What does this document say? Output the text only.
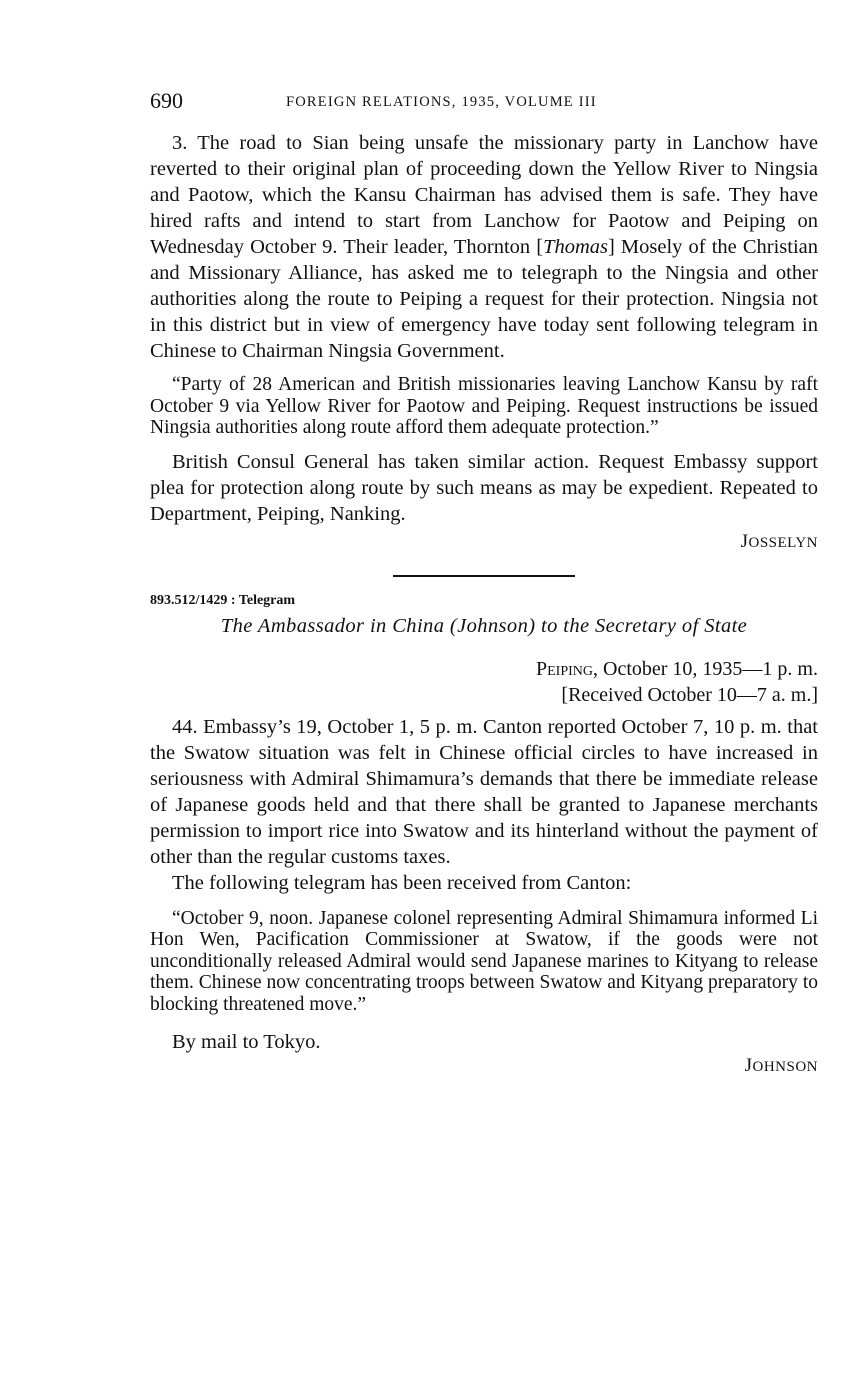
690	FOREIGN RELATIONS, 1935, VOLUME III

3. The road to Sian being unsafe the missionary party in Lanchow have reverted to their original plan of proceeding down the Yellow River to Ningsia and Paotow, which the Kansu Chairman has advised them is safe. They have hired rafts and intend to start from Lanchow for Paotow and Peiping on Wednesday October 9. Their leader, Thornton [Thomas] Mosely of the Christian and Missionary Alliance, has asked me to telegraph to the Ningsia and other authorities along the route to Peiping a request for their protection. Ningsia not in this district but in view of emergency have today sent following telegram in Chinese to Chairman Ningsia Government.

“Party of 28 American and British missionaries leaving Lanchow Kansu by raft October 9 via Yellow River for Paotow and Peiping. Request instructions be issued Ningsia authorities along route afford them adequate protection.”

British Consul General has taken similar action. Request Embassy support plea for protection along route by such means as may be expedient. Repeated to Department, Peiping, Nanking.

JOSSELYN
893.512/1429 : Telegram
The Ambassador in China (Johnson) to the Secretary of State
Peiping, October 10, 1935—1 p. m.
[Received October 10—7 a. m.]

44. Embassy’s 19, October 1, 5 p. m. Canton reported October 7, 10 p. m. that the Swatow situation was felt in Chinese official circles to have increased in seriousness with Admiral Shimamura’s demands that there be immediate release of Japanese goods held and that there shall be granted to Japanese merchants permission to import rice into Swatow and its hinterland without the payment of other than the regular customs taxes.

The following telegram has been received from Canton:

“October 9, noon. Japanese colonel representing Admiral Shimamura informed Li Hon Wen, Pacification Commissioner at Swatow, if the goods were not unconditionally released Admiral would send Japanese marines to Kityang to release them. Chinese now concentrating troops between Swatow and Kityang preparatory to blocking threatened move.”

By mail to Tokyo.

JOHNSON
